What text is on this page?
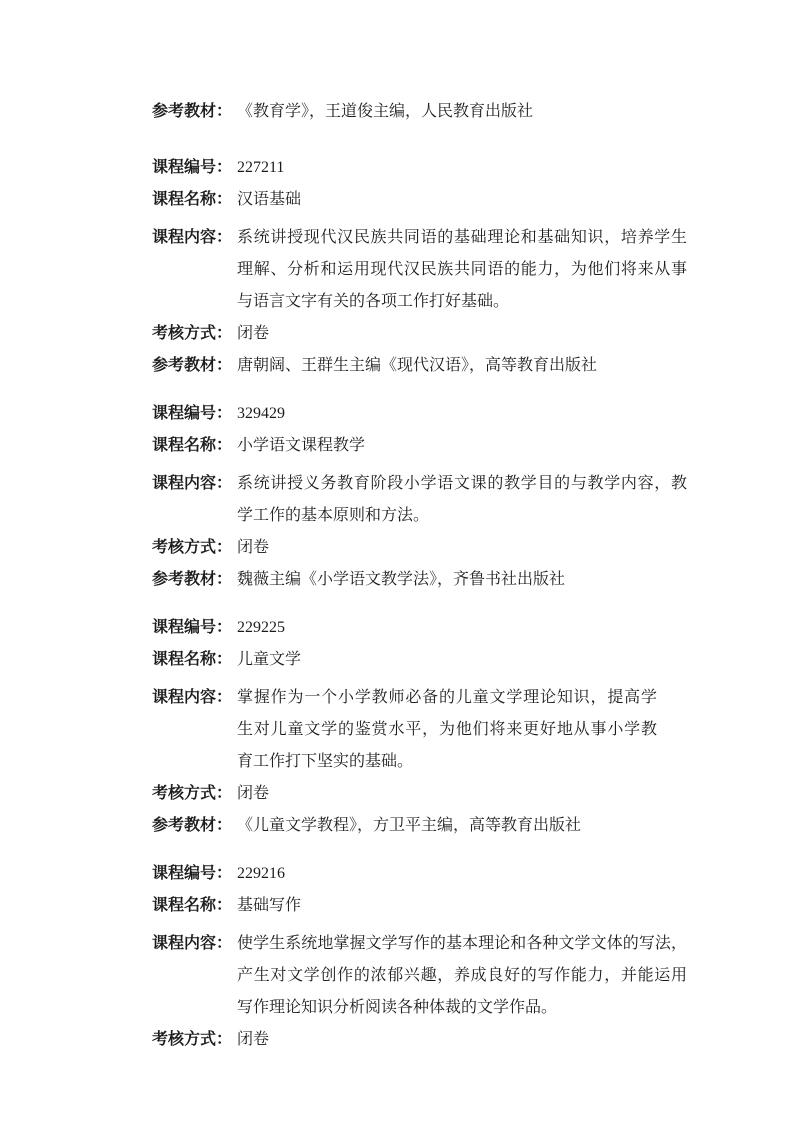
参考教材： 《教育学》，王道俊主编，人民教育出版社
课程编号： 227211
课程名称： 汉语基础
课程内容： 系统讲授现代汉民族共同语的基础理论和基础知识，培养学生
理解、分析和运用现代汉民族共同语的能力，为他们将来从事
与语言文字有关的各项工作打好基础。
考核方式： 闭卷
参考教材： 唐朝阔、王群生主编《现代汉语》，高等教育出版社
课程编号： 329429
课程名称： 小学语文课程教学
课程内容： 系统讲授义务教育阶段小学语文课的教学目的与教学内容，教
学工作的基本原则和方法。
考核方式： 闭卷
参考教材： 魏薇主编《小学语文教学法》，齐鲁书社出版社
课程编号： 229225
课程名称： 儿童文学
课程内容： 掌握作为一个小学教师必备的儿童文学理论知识，提高学
生对儿童文学的鉴赏水平，为他们将来更好地从事小学教
育工作打下坚实的基础。
考核方式： 闭卷
参考教材： 《儿童文学教程》，方卫平主编，高等教育出版社
课程编号： 229216
课程名称： 基础写作
课程内容： 使学生系统地掌握文学写作的基本理论和各种文学文体的写法，
产生对文学创作的浓郁兴趣，养成良好的写作能力，并能运用
写作理论知识分析阅读各种体裁的文学作品。
考核方式： 闭卷
